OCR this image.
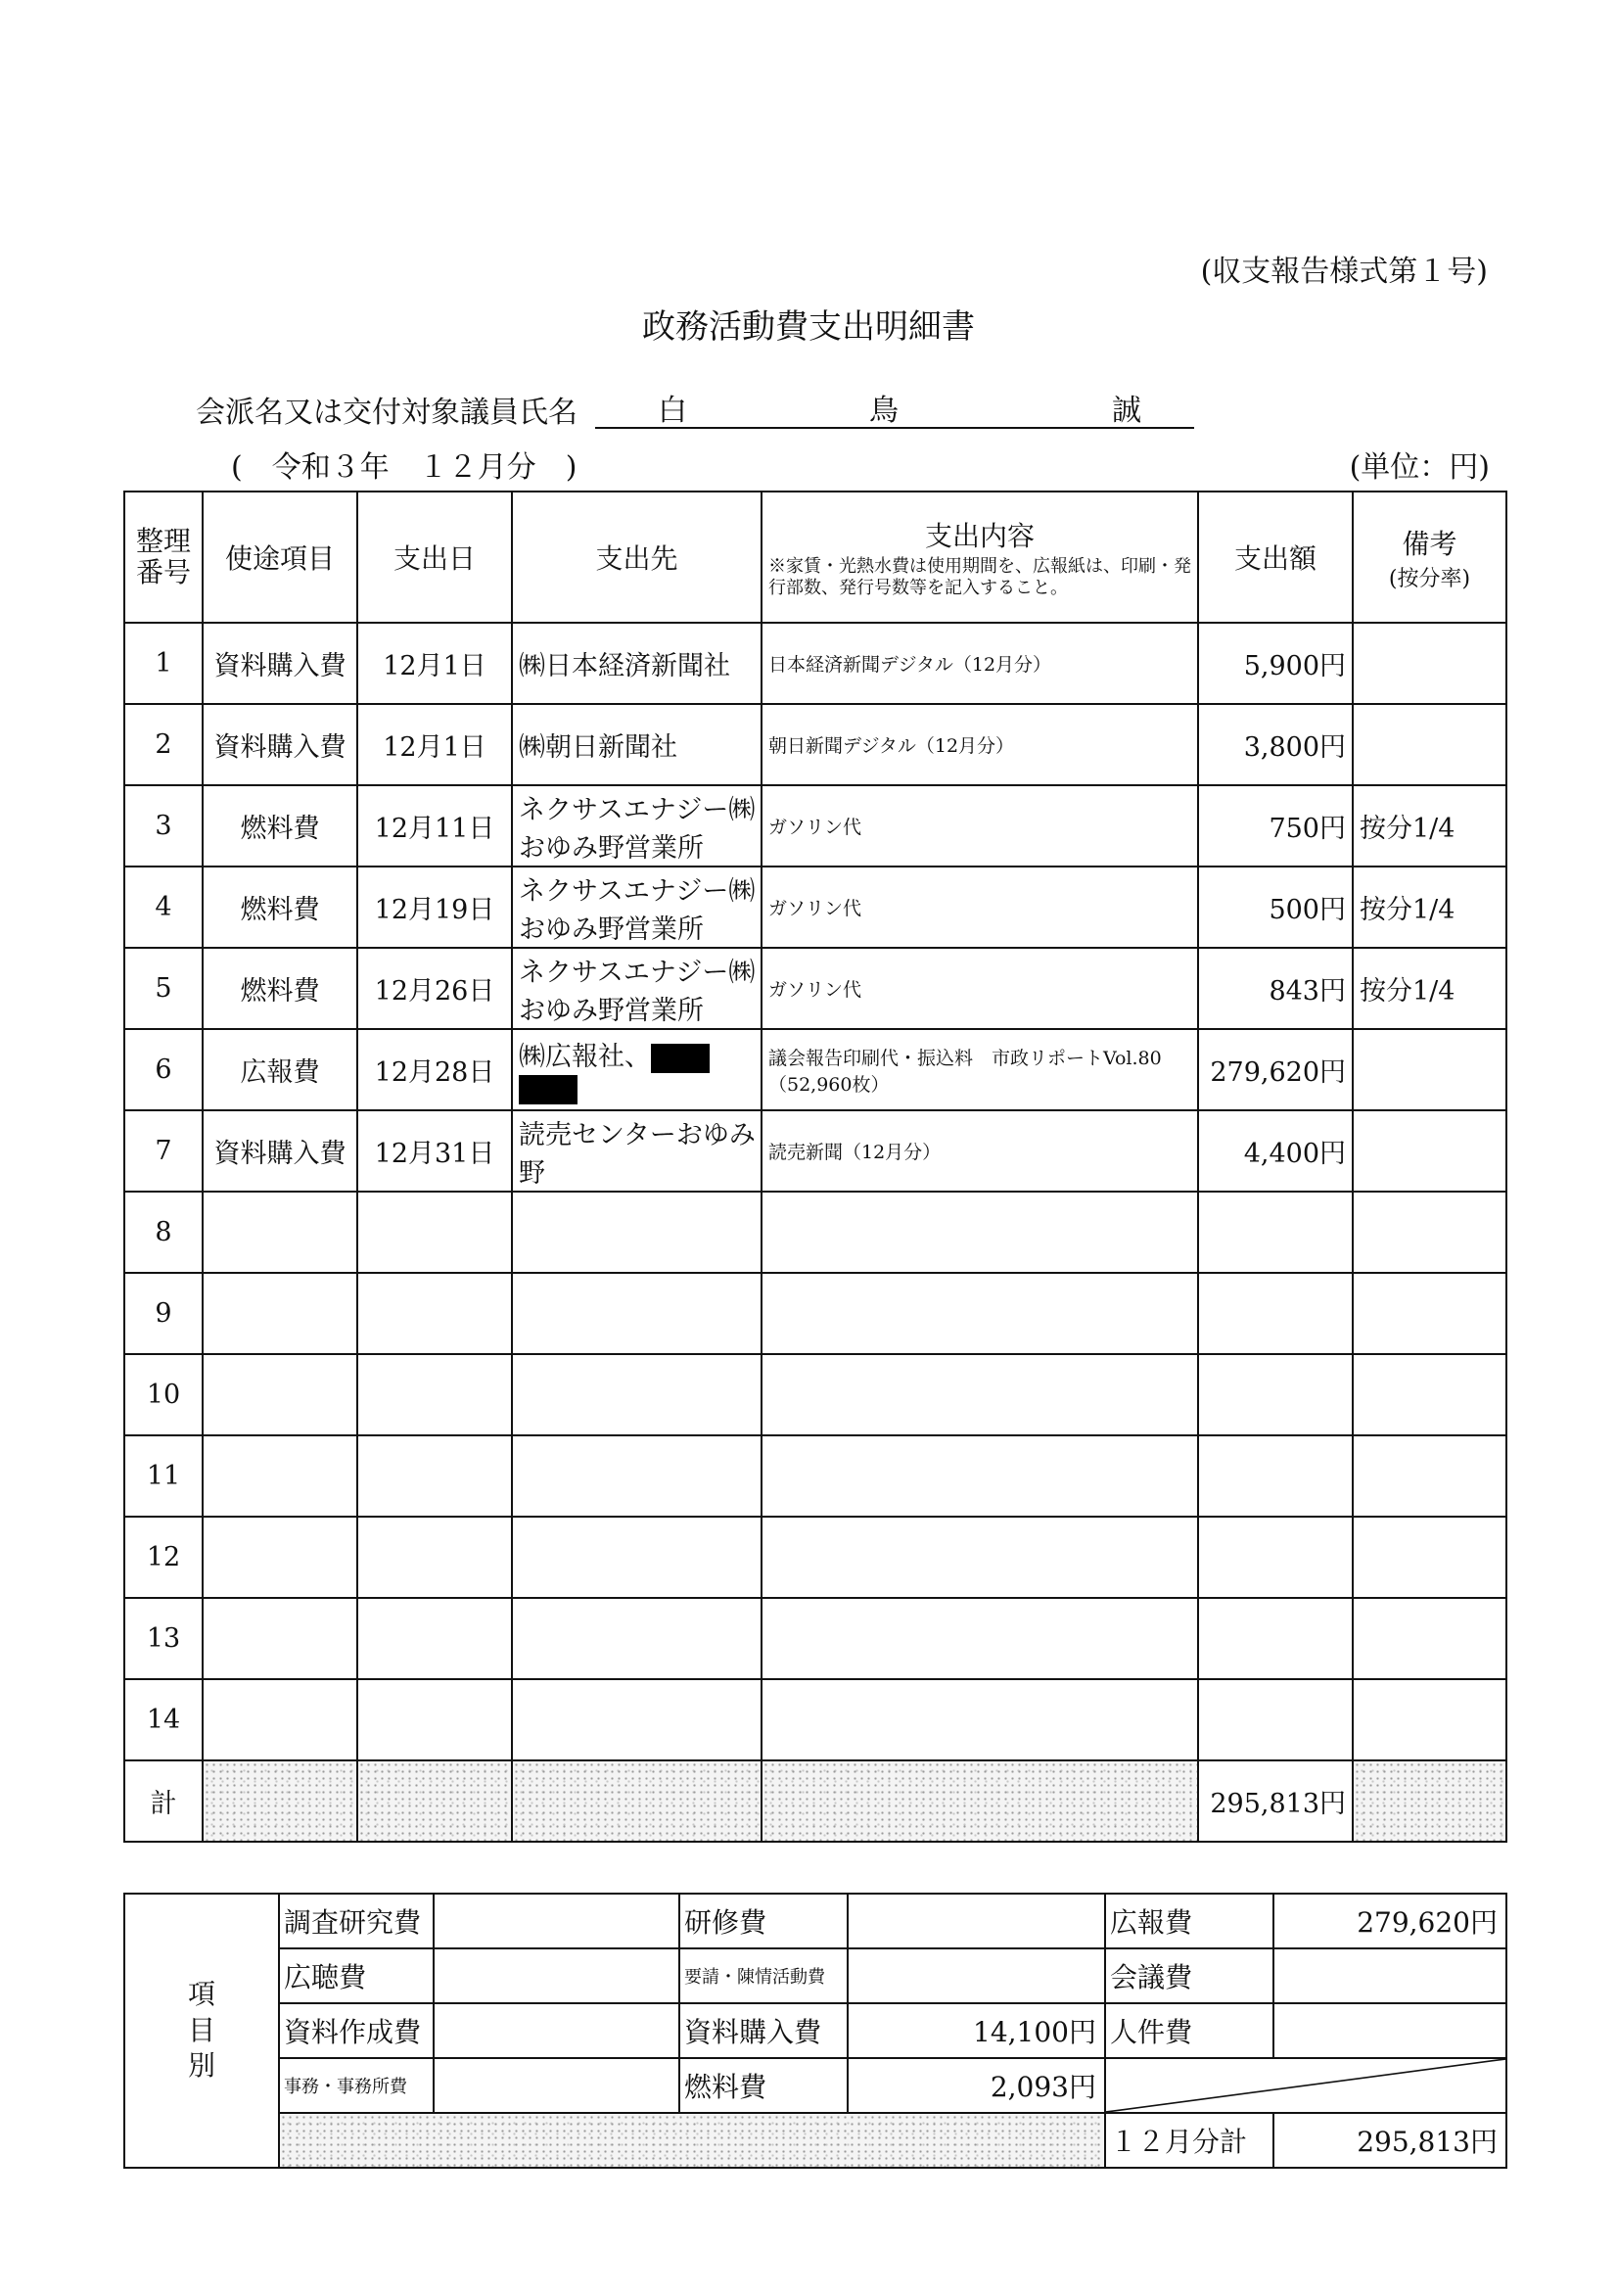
(収支報告様式第１号)
政務活動費支出明細書
会派名又は交付対象議員氏名	白	鳥	誠
(　令和３年　１２月分　)	(単位：円)
整理
番号	使途項目	支出日	支出先	支出内容
※家賃・光熱水費は使用期間を、広報紙は、印刷・発行部数、発行号数等を記入すること。	支出額	備考
(按分率)

1	資料購入費	12月1日	㈱日本経済新聞社	日本経済新聞デジタル（12月分）	5,900円	
2	資料購入費	12月1日	㈱朝日新聞社	朝日新聞デジタル（12月分）	3,800円	
3	燃料費	12月11日	ネクサスエナジー㈱おゆみ野営業所	ガソリン代	750円	按分1/4
4	燃料費	12月19日	ネクサスエナジー㈱おゆみ野営業所	ガソリン代	500円	按分1/4
5	燃料費	12月26日	ネクサスエナジー㈱おゆみ野営業所	ガソリン代	843円	按分1/4
6	広報費	12月28日	㈱広報社、	議会報告印刷代・振込料　市政リポートVol.80（52,960枚）	279,620円	
7	資料購入費	12月31日	読売センターおゆみ野	読売新聞（12月分）	4,400円	
8						
9						
10						
11						
12						
13						
14						
計					295,813円	
項
目
別	調査研究費		研修費		広報費	279,620円
	広聴費		要請・陳情活動費		会議費	
	資料作成費		資料購入費	14,100円	人件費	
	事務・事務所費		燃料費	2,093円	

					１２月分計	295,813円
